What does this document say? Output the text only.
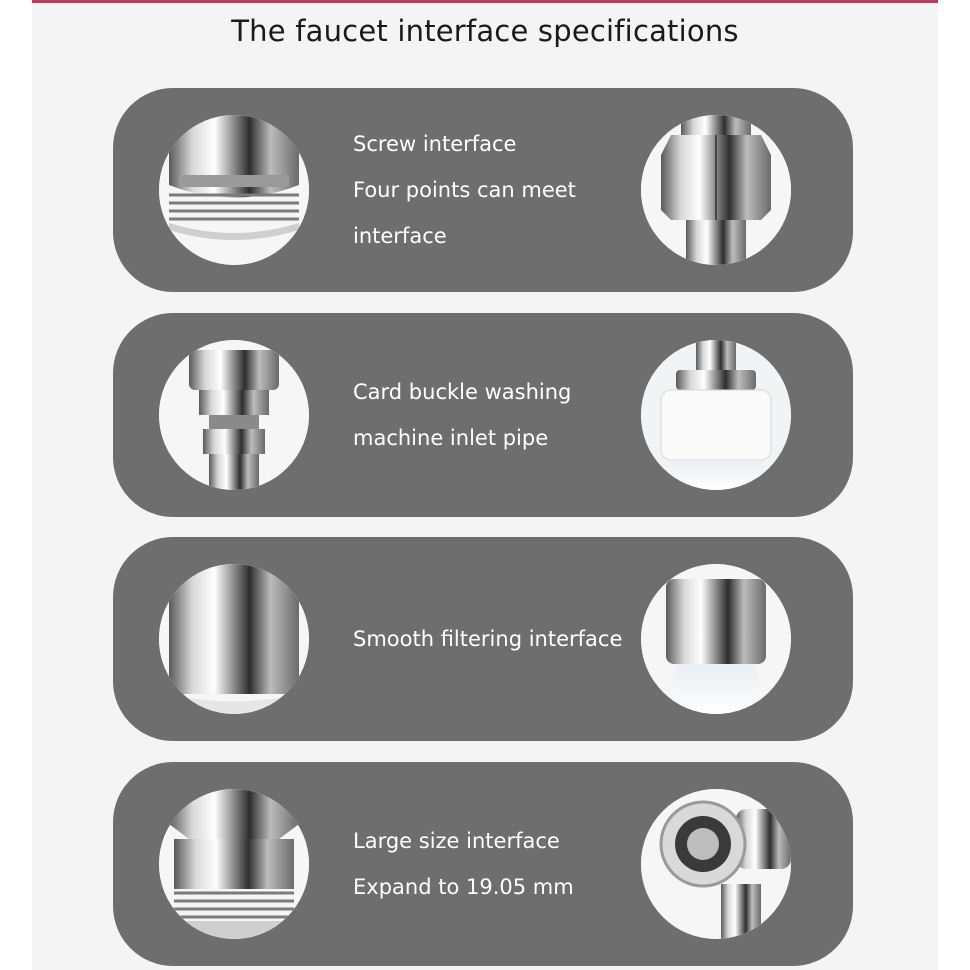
The faucet interface specifications
Screw interface
Four points can meet
interface
Card buckle washing
machine inlet pipe
Smooth filtering interface
Large size interface
Expand to 19.05 mm
